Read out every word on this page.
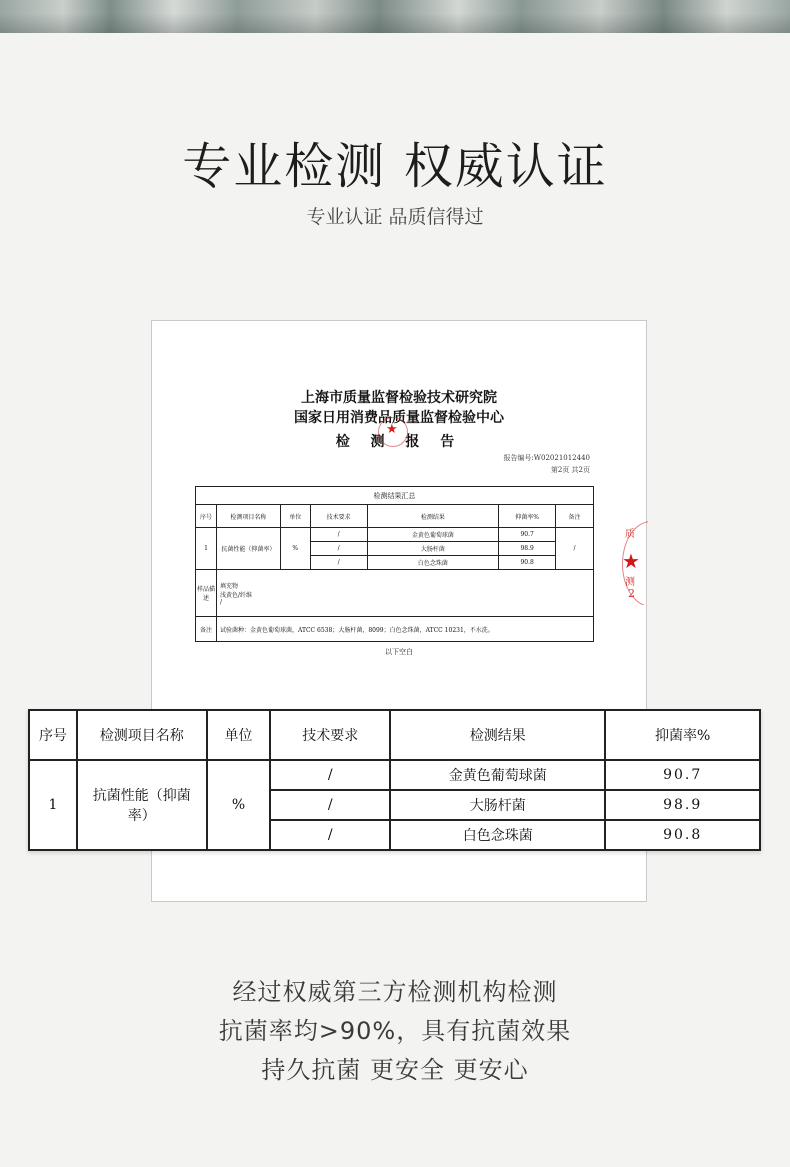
专业检测 权威认证
专业认证 品质信得过
上海市质量监督检验技术研究院
国家日用消费品质量监督检验中心
检 测 报 告
★
报告编号:W02021012440
第2页 共2页
检测结果汇总						
序号	检测项目名称	单位	技术要求	检测结果	抑菌率%	备注
1	抗菌性能（抑菌率）	%	/	金黄色葡萄球菌	90.7	/
			/	大肠杆菌	98.9	
			/	白色念珠菌	90.8	
样品描述	填充物
浅黄色/纤维
/					

备注	试验菌种：金黄色葡萄球菌，ATCC 6538；大肠杆菌，8099；白色念珠菌，ATCC 10231，不水洗。					
以下空白
质
★
测
2
序号	检测项目名称	单位	技术要求	检测结果	抑菌率%
1	抗菌性能（抑菌率）	%	/	金黄色葡萄球菌	90.7
			/	大肠杆菌	98.9
			/	白色念珠菌	90.8
经过权威第三方检测机构检测
抗菌率均>90%，具有抗菌效果
持久抗菌 更安全 更安心
